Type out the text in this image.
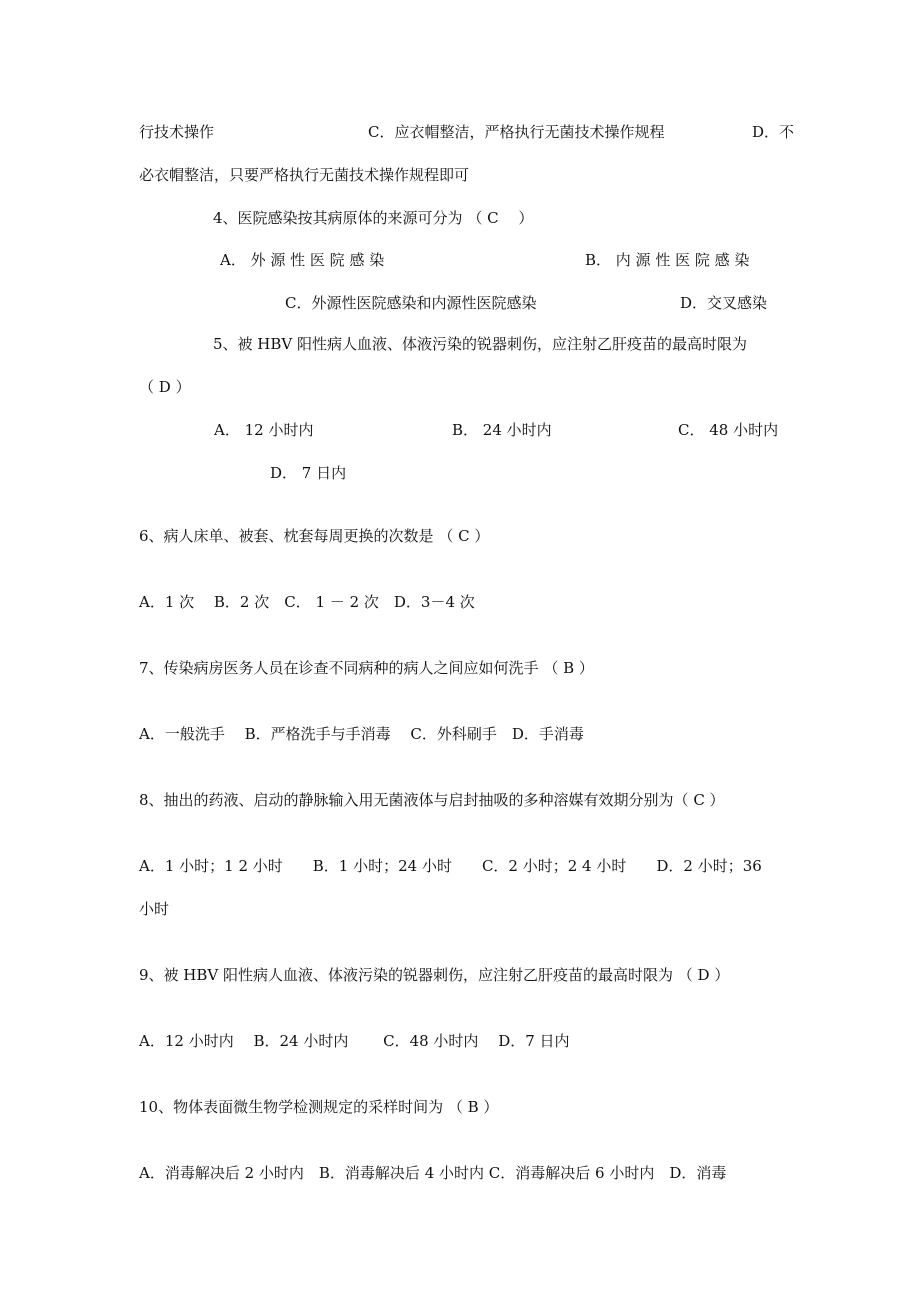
行技术操作	C．应衣帽整洁，严格执行无菌技术操作规程	D．不
必衣帽整洁，只要严格执行无菌技术操作规程即可
4、医院感染按其病原体的来源可分为 （ C　 ）
A． 外 源 性 医 院 感 染	B． 内 源 性 医 院 感 染
C．外源性医院感染和内源性医院感染	D．交叉感染
5、被 HBV 阳性病人血液、体液污染的锐器刺伤，应注射乙肝疫苗的最高时限为
（ D ）
A． 12 小时内	B． 24 小时内	C． 48 小时内
D． 7 日内
6、病人床单、被套、枕套每周更换的次数是 （ C ）
A．1 次　 B．2 次　C． 1 － 2 次　D．3－4 次
7、传染病房医务人员在诊查不同病种的病人之间应如何洗手 （ B ）
A．一般洗手　 B．严格洗手与手消毒　 C．外科刷手　D．手消毒
8、抽出的药液、启动的静脉输入用无菌液体与启封抽吸的多种溶媒有效期分别为（ C ）
A．1 小时；1 2 小时　　B．1 小时；24 小时　　C．2 小时；2 4 小时　　D．2 小时；36
小时
9、被 HBV 阳性病人血液、体液污染的锐器刺伤，应注射乙肝疫苗的最高时限为 （ D ）
A．12 小时内　 B．24 小时内　　 C．48 小时内　 D．7 日内
10、物体表面微生物学检测规定的采样时间为 （ B ）
A．消毒解决后 2 小时内　B．消毒解决后 4 小时内 C．消毒解决后 6 小时内　D．消毒
